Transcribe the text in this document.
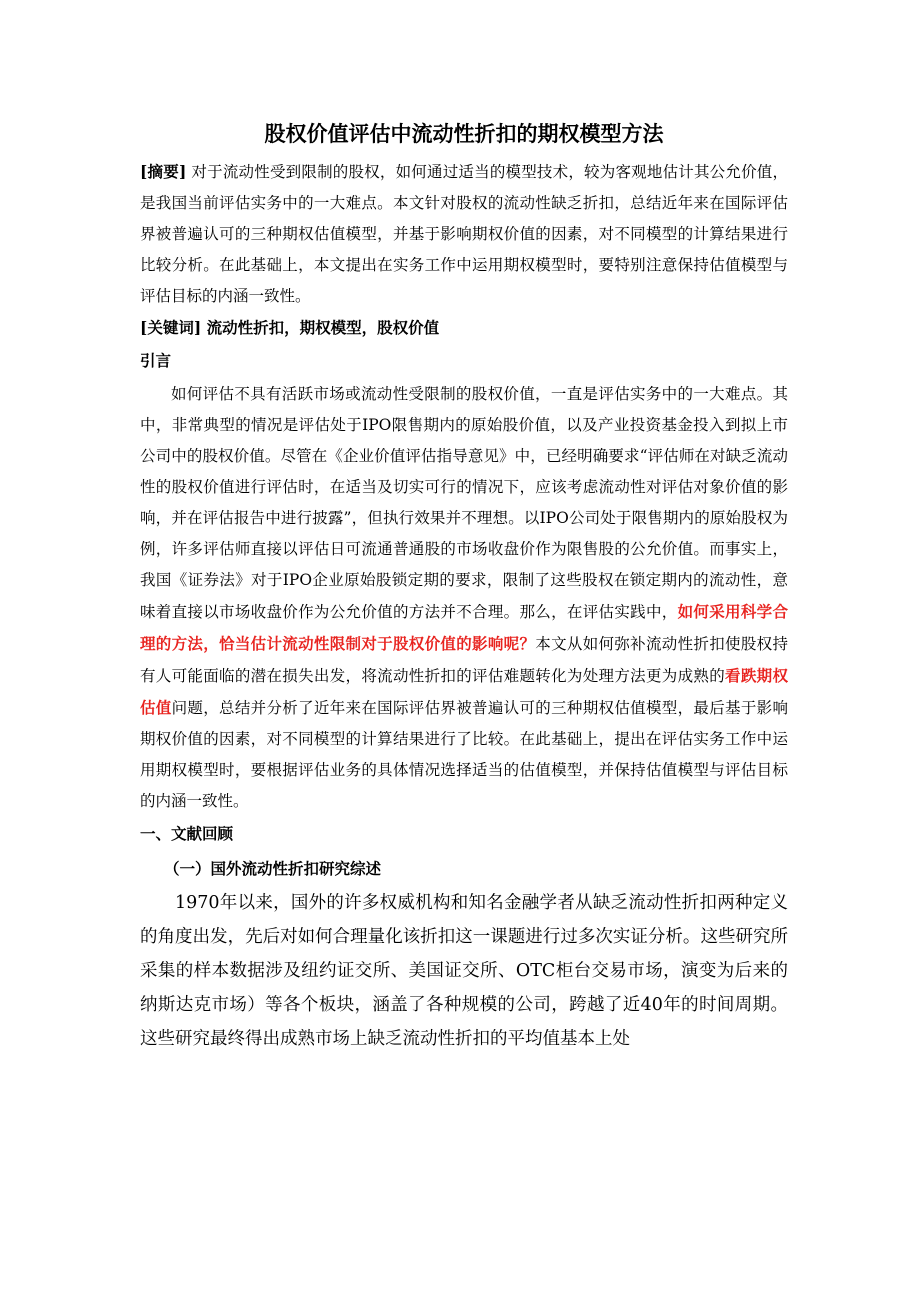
股权价值评估中流动性折扣的期权模型方法

[摘要] 对于流动性受到限制的股权，如何通过适当的模型技术，较为客观地估计其公允价值，是我国当前评估实务中的一大难点。本文针对股权的流动性缺乏折扣，总结近年来在国际评估界被普遍认可的三种期权估值模型，并基于影响期权价值的因素，对不同模型的计算结果进行比较分析。在此基础上，本文提出在实务工作中运用期权模型时，要特别注意保持估值模型与评估目标的内涵一致性。

[关键词] 流动性折扣，期权模型，股权价值

引言

如何评估不具有活跃市场或流动性受限制的股权价值，一直是评估实务中的一大难点。其中，非常典型的情况是评估处于IPO限售期内的原始股价值，以及产业投资基金投入到拟上市公司中的股权价值。尽管在《企业价值评估指导意见》中，已经明确要求“评估师在对缺乏流动性的股权价值进行评估时，在适当及切实可行的情况下，应该考虑流动性对评估对象价值的影响，并在评估报告中进行披露”，但执行效果并不理想。以IPO公司处于限售期内的原始股权为例，许多评估师直接以评估日可流通普通股的市场收盘价作为限售股的公允价值。而事实上，我国《证券法》对于IPO企业原始股锁定期的要求，限制了这些股权在锁定期内的流动性，意味着直接以市场收盘价作为公允价值的方法并不合理。那么，在评估实践中，如何采用科学合理的方法，恰当估计流动性限制对于股权价值的影响呢？本文从如何弥补流动性折扣使股权持有人可能面临的潜在损失出发，将流动性折扣的评估难题转化为处理方法更为成熟的看跌期权估值问题，总结并分析了近年来在国际评估界被普遍认可的三种期权估值模型，最后基于影响期权价值的因素，对不同模型的计算结果进行了比较。在此基础上，提出在评估实务工作中运用期权模型时，要根据评估业务的具体情况选择适当的估值模型，并保持估值模型与评估目标的内涵一致性。

一、文献回顾

（一）国外流动性折扣研究综述

1970年以来，国外的许多权威机构和知名金融学者从缺乏流动性折扣两种定义的角度出发，先后对如何合理量化该折扣这一课题进行过多次实证分析。这些研究所采集的样本数据涉及纽约证交所、美国证交所、OTC柜台交易市场，演变为后来的纳斯达克市场）等各个板块，涵盖了各种规模的公司，跨越了近40年的时间周期。这些研究最终得出成熟市场上缺乏流动性折扣的平均值基本上处
